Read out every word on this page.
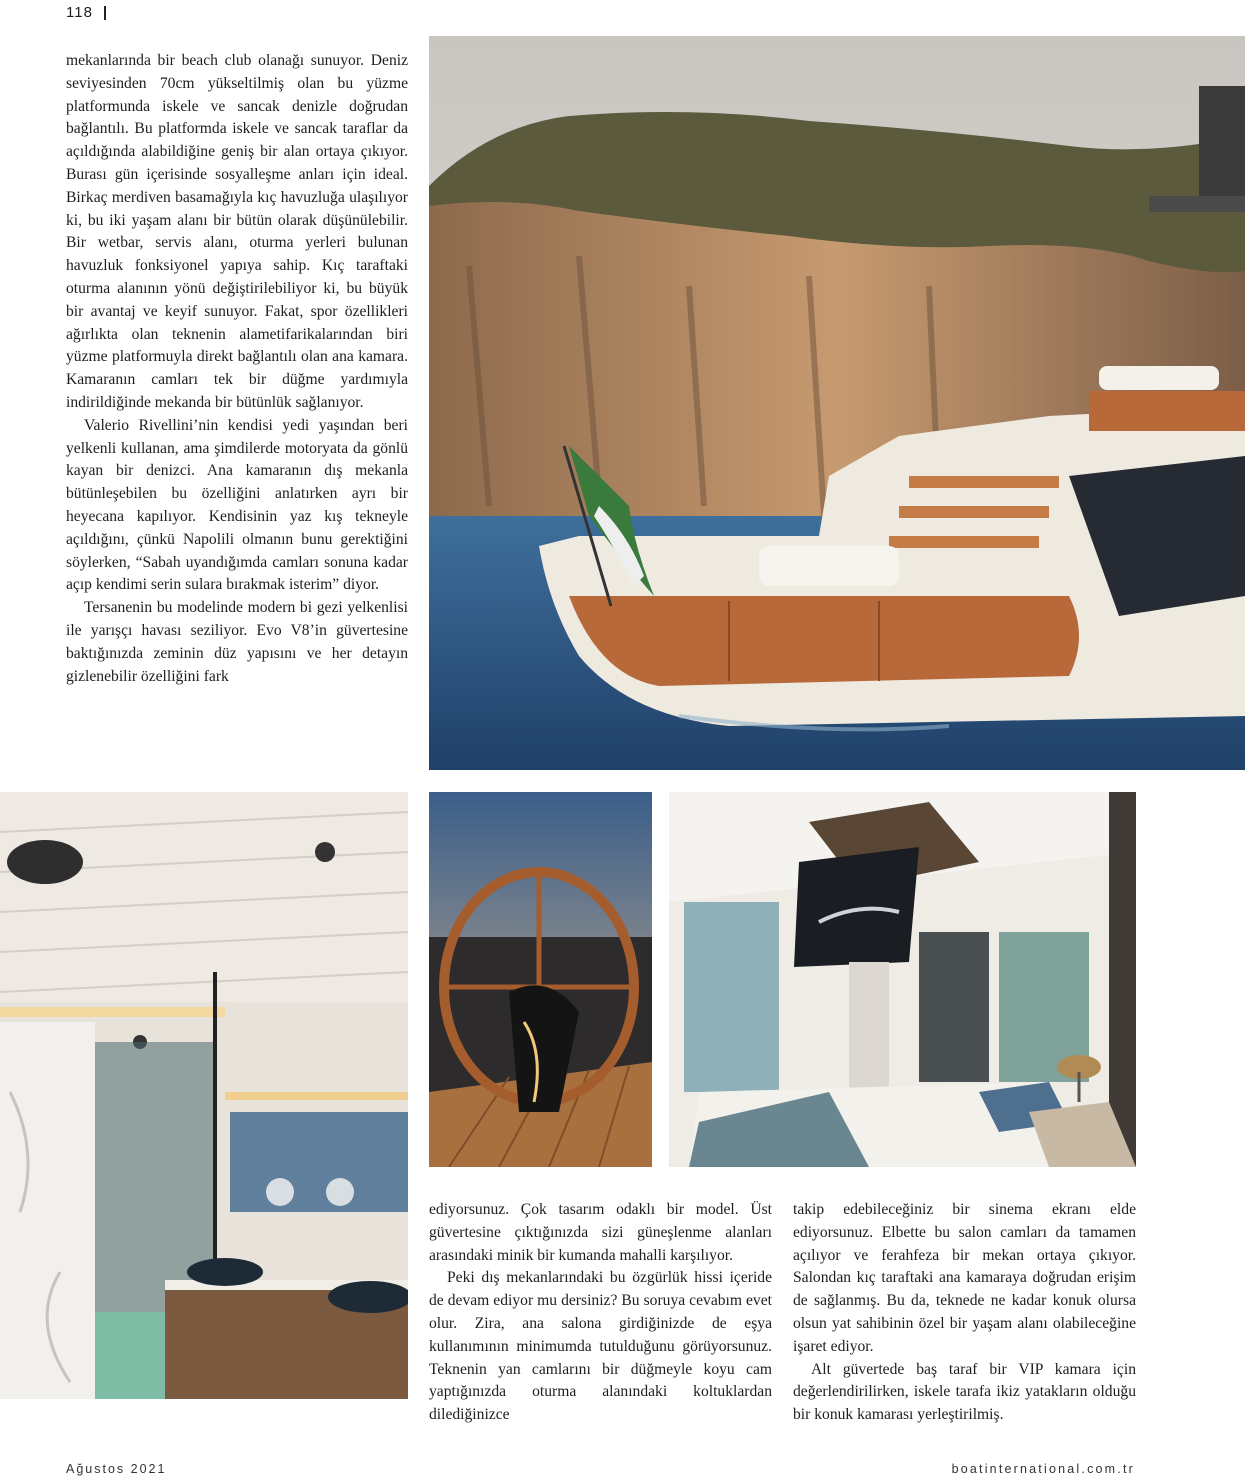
118

mekanlarında bir beach club olanağı sunuyor. Deniz seviyesinden 70cm yükseltilmiş olan bu yüzme platformunda iskele ve sancak denizle doğrudan bağlantılı. Bu platformda iskele ve sancak taraflar da açıldığında alabildiğine geniş bir alan ortaya çıkıyor. Burası gün içerisinde sosyalleşme anları için ideal. Birkaç merdiven basamağıyla kıç havuzluğa ulaşılıyor ki, bu iki yaşam alanı bir bütün olarak düşünülebilir. Bir wetbar, servis alanı, oturma yerleri bulunan havuzluk fonksiyonel yapıya sahip. Kıç taraftaki oturma alanının yönü değiştirilebiliyor ki, bu büyük bir avantaj ve keyif sunuyor. Fakat, spor özellikleri ağırlıkta olan teknenin alametifarikalarından biri yüzme platformuyla direkt bağlantılı olan ana kamara. Kamaranın camları tek bir düğme yardımıyla indirildiğinde mekanda bir bütünlük sağlanıyor.

Valerio Rivellini’nin kendisi yedi yaşından beri yelkenli kullanan, ama şimdilerde motoryata da gönlü kayan bir denizci. Ana kamaranın dış mekanla bütünleşebilen bu özelliğini anlatırken ayrı bir heyecana kapılıyor. Kendisinin yaz kış tekneyle açıldığını, çünkü Napolili olmanın bunu gerektiğini söylerken, “Sabah uyandığımda camları sonuna kadar açıp kendimi serin sulara bırakmak isterim” diyor.

Tersanenin bu modelinde modern bi gezi yelkenlisi ile yarışçı havası seziliyor. Evo V8’in güvertesine baktığınızda zeminin düz yapısını ve her detayın gizlenebilir özelliğini fark

ediyorsunuz. Çok tasarım odaklı bir model. Üst güvertesine çıktığınızda sizi güneşlenme alanları arasındaki minik bir kumanda mahalli karşılıyor.

Peki dış mekanlarındaki bu özgürlük hissi içeride de devam ediyor mu dersiniz? Bu soruya cevabım evet olur. Zira, ana salona girdiğinizde de eşya kullanımının minimumda tutulduğunu görüyorsunuz. Teknenin yan camlarını bir düğmeyle koyu cam yaptığınızda oturma alanındaki koltuklardan dilediğinizce

takip edebileceğiniz bir sinema ekranı elde ediyorsunuz. Elbette bu salon camları da tamamen açılıyor ve ferahfeza bir mekan ortaya çıkıyor. Salondan kıç taraftaki ana kamaraya doğrudan erişim de sağlanmış. Bu da, teknede ne kadar konuk olursa olsun yat sahibinin özel bir yaşam alanı olabileceğine işaret ediyor.

Alt güvertede baş taraf bir VIP kamara için değerlendirilirken, iskele tarafa ikiz yatakların olduğu bir konuk kamarası yerleştirilmiş.

Ağustos 2021	boatinternational.com.tr
